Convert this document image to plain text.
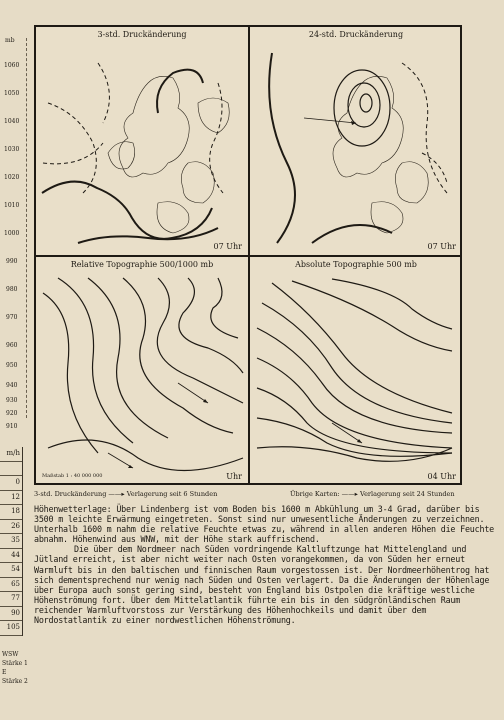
mb
1060
1050
1040
1030
1020
1010
1000
990
980
970
960
950
940
930
920
910
m/h
0
12
18
26
35
44
54
65
77
90
105
WSW
Stärke 1
E
Stärke 2
3-std. Druckänderung
07 Uhr
24-std. Druckänderung
07 Uhr
Relative Topographie 500/1000 mb
Maßstab 1 : 40 000 000	Uhr
Absolute Topographie 500 mb
04 Uhr
3-std. Druckänderung ——▸ Verlagerung seit 6 Stunden	Übrige Karten: ——▸ Verlagerung seit 24 Stunden

Höhenwetterlage: Über Lindenberg ist vom Boden bis 1600 m Abkühlung um 3-4 Grad, darüber bis 3500 m leichte Erwärmung eingetreten. Sonst sind nur unwesentliche Änderungen zu verzeichnen. Unterhalb 1600 m nahm die relative Feuchte etwas zu, während in allen anderen Höhen die Feuchte abnahm. Höhenwind aus WNW, mit der Höhe stark auffrischend.

Die über dem Nordmeer nach Süden vordringende Kaltluftzunge hat Mittelengland und Jütland erreicht, ist aber nicht weiter nach Osten vorangekommen, da von Süden her erneut Warmluft bis in den baltischen und finnischen Raum vorgestossen ist. Der Nordmeerhöhentrog hat sich dementsprechend nur wenig nach Süden und Osten verlagert. Da die Änderungen der Höhenlage über Europa auch sonst gering sind, besteht von England bis Ostpolen die kräftige westliche Höhenströmung fort. Über dem Mittelatlantik führte ein bis in den südgrönländischen Raum reichender Warmluftvorstoss zur Verstärkung des Höhenhochkeils und damit über dem Nordostatlantik zu einer nordwestlichen Höhenströmung.
